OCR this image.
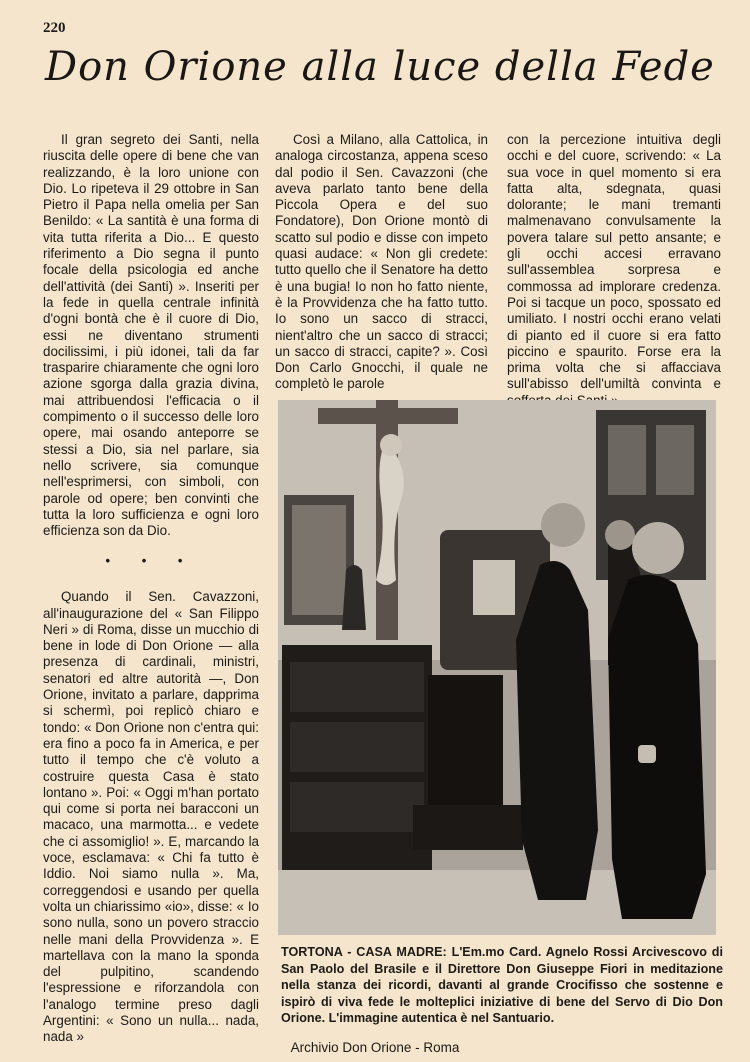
220
Don Orione alla luce della Fede

Il gran segreto dei Santi, nella riuscita delle opere di bene che van realizzando, è la loro unione con Dio. Lo ripeteva il 29 ottobre in San Pietro il Papa nella omelia per San Benildo: « La santità è una forma di vita tutta riferita a Dio... E questo riferimento a Dio segna il punto focale della psicologia ed anche dell'attività (dei Santi) ». Inseriti per la fede in quella centrale infinità d'ogni bontà che è il cuore di Dio, essi ne diventano strumenti docilissimi, i più idonei, tali da far trasparire chiaramente che ogni loro azione sgorga dalla grazia divina, mai attribuendosi l'efficacia o il compimento o il successo delle loro opere, mai osando anteporre se stessi a Dio, sia nel parlare, sia nello scrivere, sia comunque nell'esprimersi, con simboli, con parole od opere; ben convinti che tutta la loro sufficienza e ogni loro efficienza son da Dio.

• • •

Quando il Sen. Cavazzoni, all'inaugurazione del « San Filippo Neri » di Roma, disse un mucchio di bene in lode di Don Orione — alla presenza di cardinali, ministri, senatori ed altre autorità —, Don Orione, invitato a parlare, dapprima si schermì, poi replicò chiaro e tondo: « Don Orione non c'entra qui: era fino a poco fa in America, e per tutto il tempo che c'è voluto a costruire questa Casa è stato lontano ». Poi: « Oggi m'han portato qui come si porta nei baracconi un macaco, una marmotta... e vedete che ci assomiglio! ». E, marcando la voce, esclamava: « Chi fa tutto è Iddio. Noi siamo nulla ». Ma, correggendosi e usando per quella volta un chiarissimo «io», disse: « Io sono nulla, sono un povero straccio nelle mani della Provvidenza ». E martellava con la mano la sponda del pulpitino, scandendo l'espressione e riforzandola con l'analogo termine preso dagli Argentini: « Sono un nulla... nada, nada »

Così a Milano, alla Cattolica, in analoga circostanza, appena sceso dal podio il Sen. Cavazzoni (che aveva parlato tanto bene della Piccola Opera e del suo Fondatore), Don Orione montò di scatto sul podio e disse con impeto quasi audace: « Non gli credete: tutto quello che il Senatore ha detto è una bugia! Io non ho fatto niente, è la Provvidenza che ha fatto tutto. Io sono un sacco di stracci, nient'altro che un sacco di stracci; un sacco di stracci, capite? ». Così Don Carlo Gnocchi, il quale ne completò le parole

con la percezione intuitiva degli occhi e del cuore, scrivendo: « La sua voce in quel momento si era fatta alta, sdegnata, quasi dolorante; le mani tremanti malmenavano convulsamente la povera talare sul petto ansante; e gli occhi accesi erravano sull'assemblea sorpresa e commossa ad implorare credenza. Poi si tacque un poco, spossato ed umiliato. I nostri occhi erano velati di pianto ed il cuore si era fatto piccino e spaurito. Forse era la prima volta che si affacciava sull'abisso dell'umiltà convinta e

TORTONA - CASA MADRE: L'Em.mo Card. Agnelo Rossi Arcivescovo di San Paolo del Brasile e il Direttore Don Giuseppe Fiori in meditazione nella stanza dei ricordi, davanti al grande Crocifisso che sostenne e ispirò di viva fede le molteplici iniziative di bene del Servo di Dio Don Orione. L'immagine autentica è nel Santuario.
Archivio Don Orione - Roma
